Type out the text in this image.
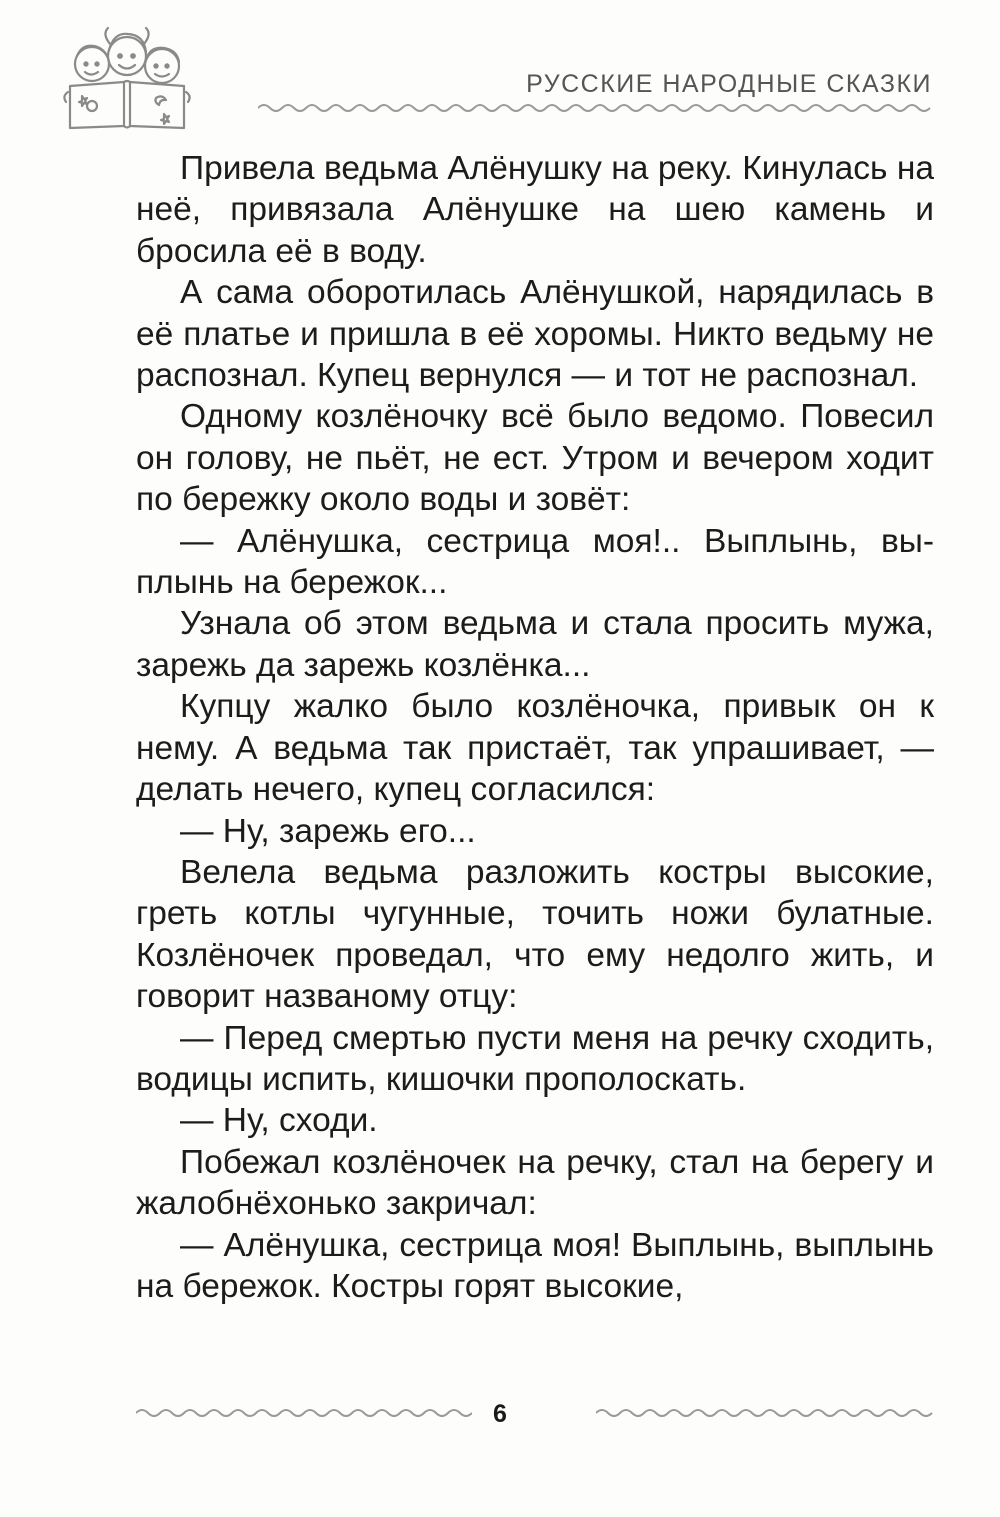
РУССКИЕ НАРОДНЫЕ СКАЗКИ

Привела ведьма Алёнушку на реку. Кинулась на неё, привязала Алёнушке на шею камень и бросила её в воду.

А сама оборотилась Алёнушкой, нарядилась в её платье и пришла в её хоромы. Никто ведьму не распознал. Купец вернулся — и тот не распознал.

Одному козлёночку всё было ведомо. Повесил он голову, не пьёт, не ест. Утром и вечером ходит по бережку около воды и зовёт:

— Алёнушка, сестрица моя!.. Выплынь, выплынь на бережок...

Узнала об этом ведьма и стала просить мужа, зарежь да зарежь козлёнка...

Купцу жалко было козлёночка, привык он к нему. А ведьма так пристаёт, так упрашивает, — делать нечего, купец согласился:

— Ну, зарежь его...

Велела ведьма разложить костры высокие, греть котлы чугунные, точить ножи булатные. Козлёночек проведал, что ему недолго жить, и говорит названому отцу:

— Перед смертью пусти меня на речку сходить, водицы испить, кишочки прополоскать.

— Ну, сходи.

Побежал козлёночек на речку, стал на берегу и жалобнёхонько закричал:

— Алёнушка, сестрица моя! Выплынь, выплынь на бережок. Костры горят высокие,

6
